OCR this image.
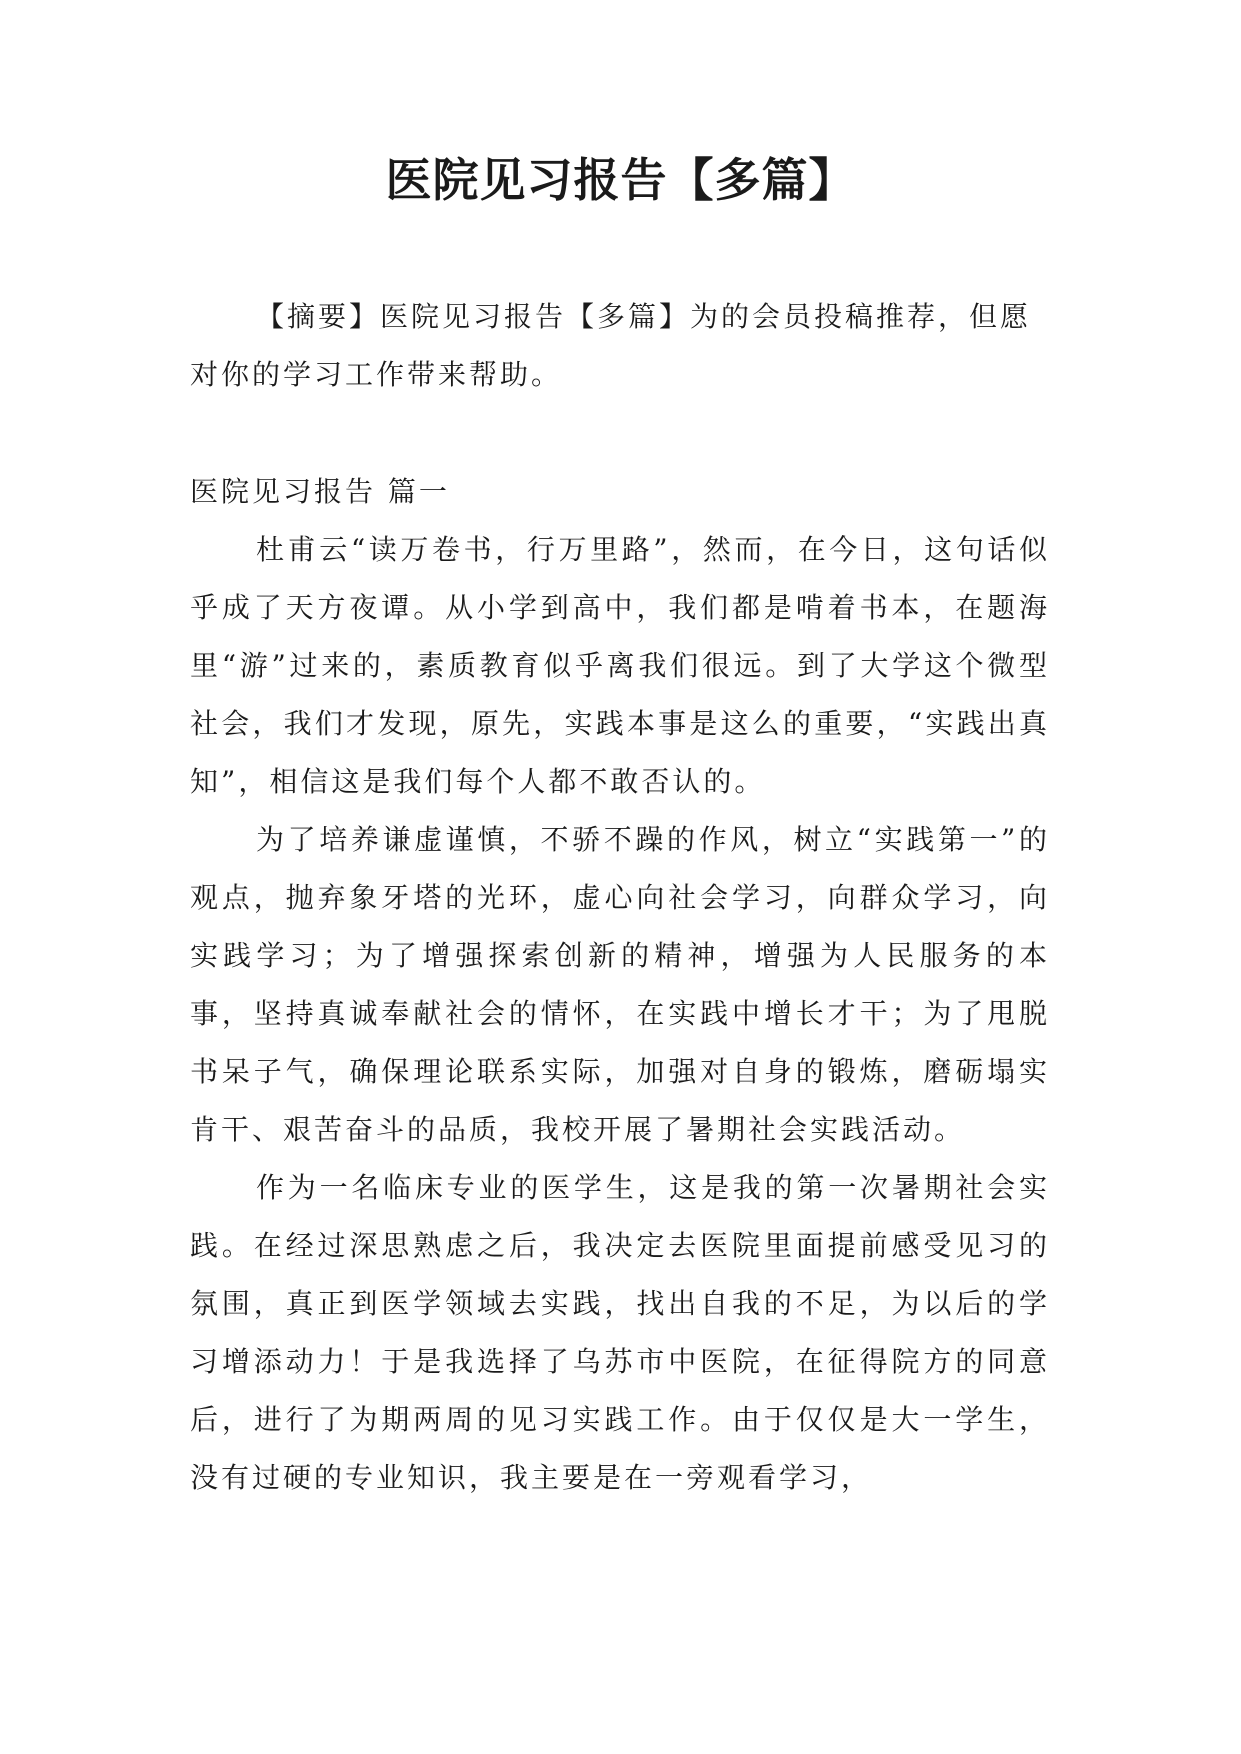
医院见习报告【多篇】
【摘要】医院见习报告【多篇】为的会员投稿推荐，但愿对你的学习工作带来帮助。
医院见习报告 篇一

杜甫云“读万卷书，行万里路”，然而，在今日，这句话似乎成了天方夜谭。从小学到高中，我们都是啃着书本，在题海里“游”过来的，素质教育似乎离我们很远。到了大学这个微型社会，我们才发现，原先，实践本事是这么的重要，“实践出真知”，相信这是我们每个人都不敢否认的。

为了培养谦虚谨慎，不骄不躁的作风，树立“实践第一”的观点，抛弃象牙塔的光环，虚心向社会学习，向群众学习，向实践学习；为了增强探索创新的精神，增强为人民服务的本事，坚持真诚奉献社会的情怀，在实践中增长才干；为了甩脱书呆子气，确保理论联系实际，加强对自身的锻炼，磨砺塌实肯干、艰苦奋斗的品质，我校开展了暑期社会实践活动。

作为一名临床专业的医学生，这是我的第一次暑期社会实践。在经过深思熟虑之后，我决定去医院里面提前感受见习的氛围，真正到医学领域去实践，找出自我的不足，为以后的学习增添动力！于是我选择了乌苏市中医院，在征得院方的同意后，进行了为期两周的见习实践工作。由于仅仅是大一学生，没有过硬的专业知识，我主要是在一旁观看学习，
